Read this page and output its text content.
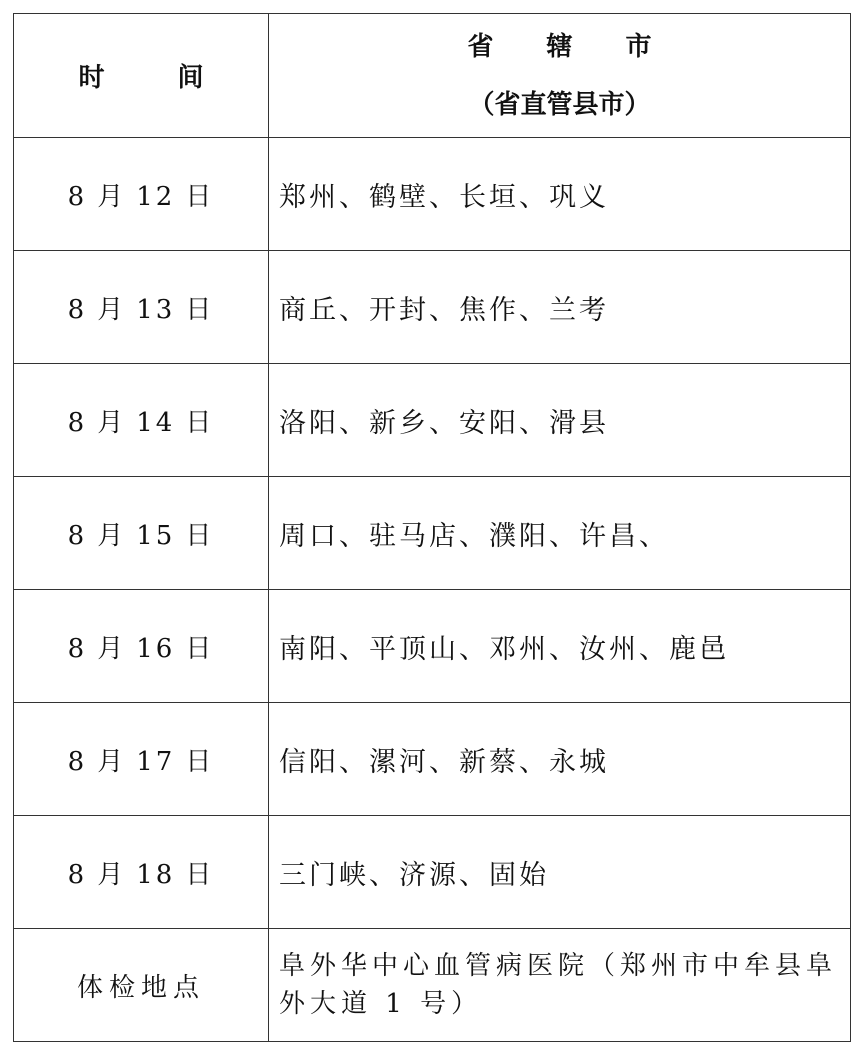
时 间	省 辖 市
（省直管县市）

8 月 12 日	郑州、鹤壁、长垣、巩义
8 月 13 日	商丘、开封、焦作、兰考
8 月 14 日	洛阳、新乡、安阳、滑县
8 月 15 日	周口、驻马店、濮阳、许昌、
8 月 16 日	南阳、平顶山、邓州、汝州、鹿邑
8 月 17 日	信阳、漯河、新蔡、永城
8 月 18 日	三门峡、济源、固始
体检地点	阜外华中心血管病医院（郑州市中牟县阜外大道 1 号）
